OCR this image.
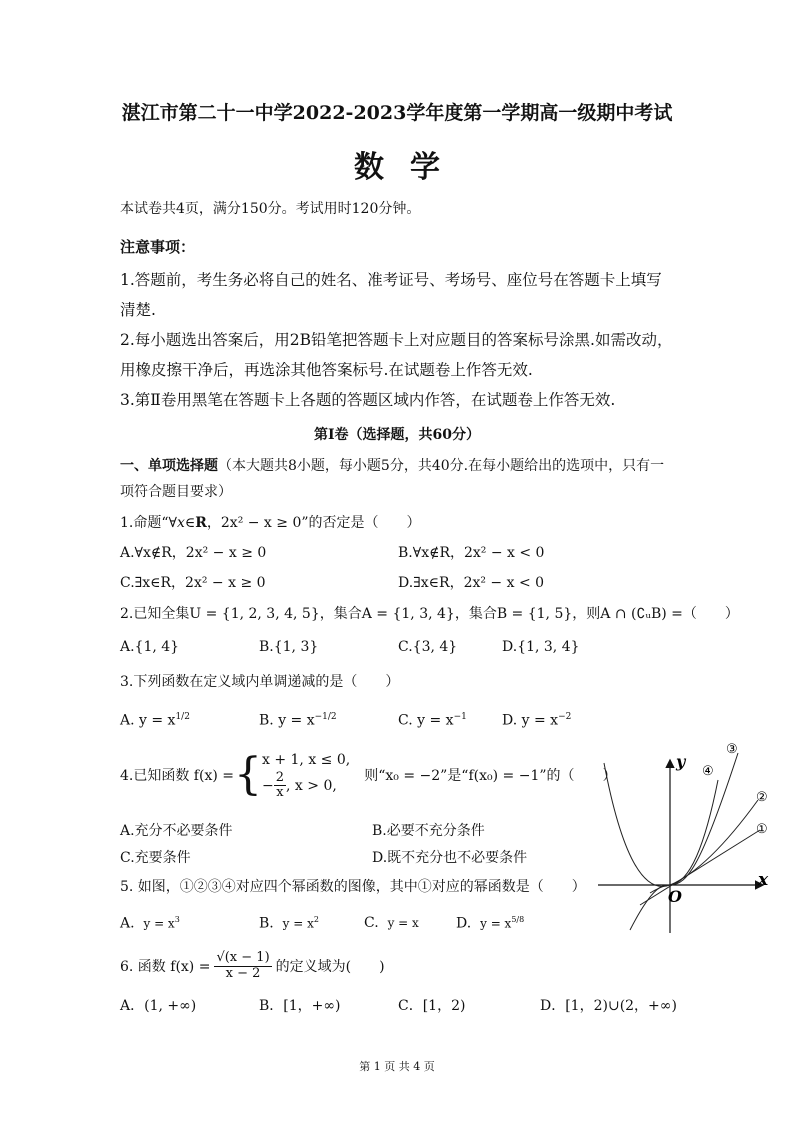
湛江市第二十一中学2022-2023学年度第一学期高一级期中考试
数学
本试卷共4页，满分150分。考试用时120分钟。
注意事项：
1.答题前，考生务必将自己的姓名、准考证号、考场号、座位号在答题卡上填写
清楚.
2.每小题选出答案后，用2B铅笔把答题卡上对应题目的答案标号涂黑.如需改动，
用橡皮擦干净后，再选涂其他答案标号.在试题卷上作答无效.
3.第Ⅱ卷用黑笔在答题卡上各题的答题区域内作答，在试题卷上作答无效.
第Ⅰ卷（选择题，共60分）
一、单项选择题（本大题共8小题，每小题5分，共40分.在每小题给出的选项中，只有一
项符合题目要求）
1.命题“∀x∈R，2x² − x ≥ 0”的否定是（　　）
A.∀x∉R，2x² − x ≥ 0	B.∀x∉R，2x² − x < 0
C.∃x∈R，2x² − x ≥ 0	D.∃x∈R，2x² − x < 0
2.已知全集U = {1, 2, 3, 4, 5}，集合A = {1, 3, 4}，集合B = {1, 5}，则A ∩ (∁ᵤB) =（　　）
A.{1, 4}	B.{1, 3}	C.{3, 4}	D.{1, 3, 4}
3.下列函数在定义域内单调递减的是（　　）
A. $y = x^{1/2}$	B. $y = x^{-1/2}$	C. $y = x^{-1}$	D. $y = x^{-2}$
4.已知函数 f(x) = { x + 1, x ≤ 0,
− $\frac{2}{x}$ , x > 0,
则“x₀ = −2”是“f(x₀) = −1”的（　　）
A.充分不必要条件	B.必要不充分条件
C.充要条件	D.既不充分也不必要条件
5. 如图，①②③④对应四个幂函数的图像，其中①对应的幂函数是（　　）
A. $y = x^3$	B. $y = x^2$	C. y = x	D. $y = x^{5/8}$
6. 函数 $f(x) = \frac{√(x - 1)}{x - 2}$ 的定义域为(　　)
A．(1, +∞)	B．[1，+∞)	C．[1，2)	D．[1，2)∪(2，+∞)
y
x
O
①
②
③
④
第 1 页 共 4 页
